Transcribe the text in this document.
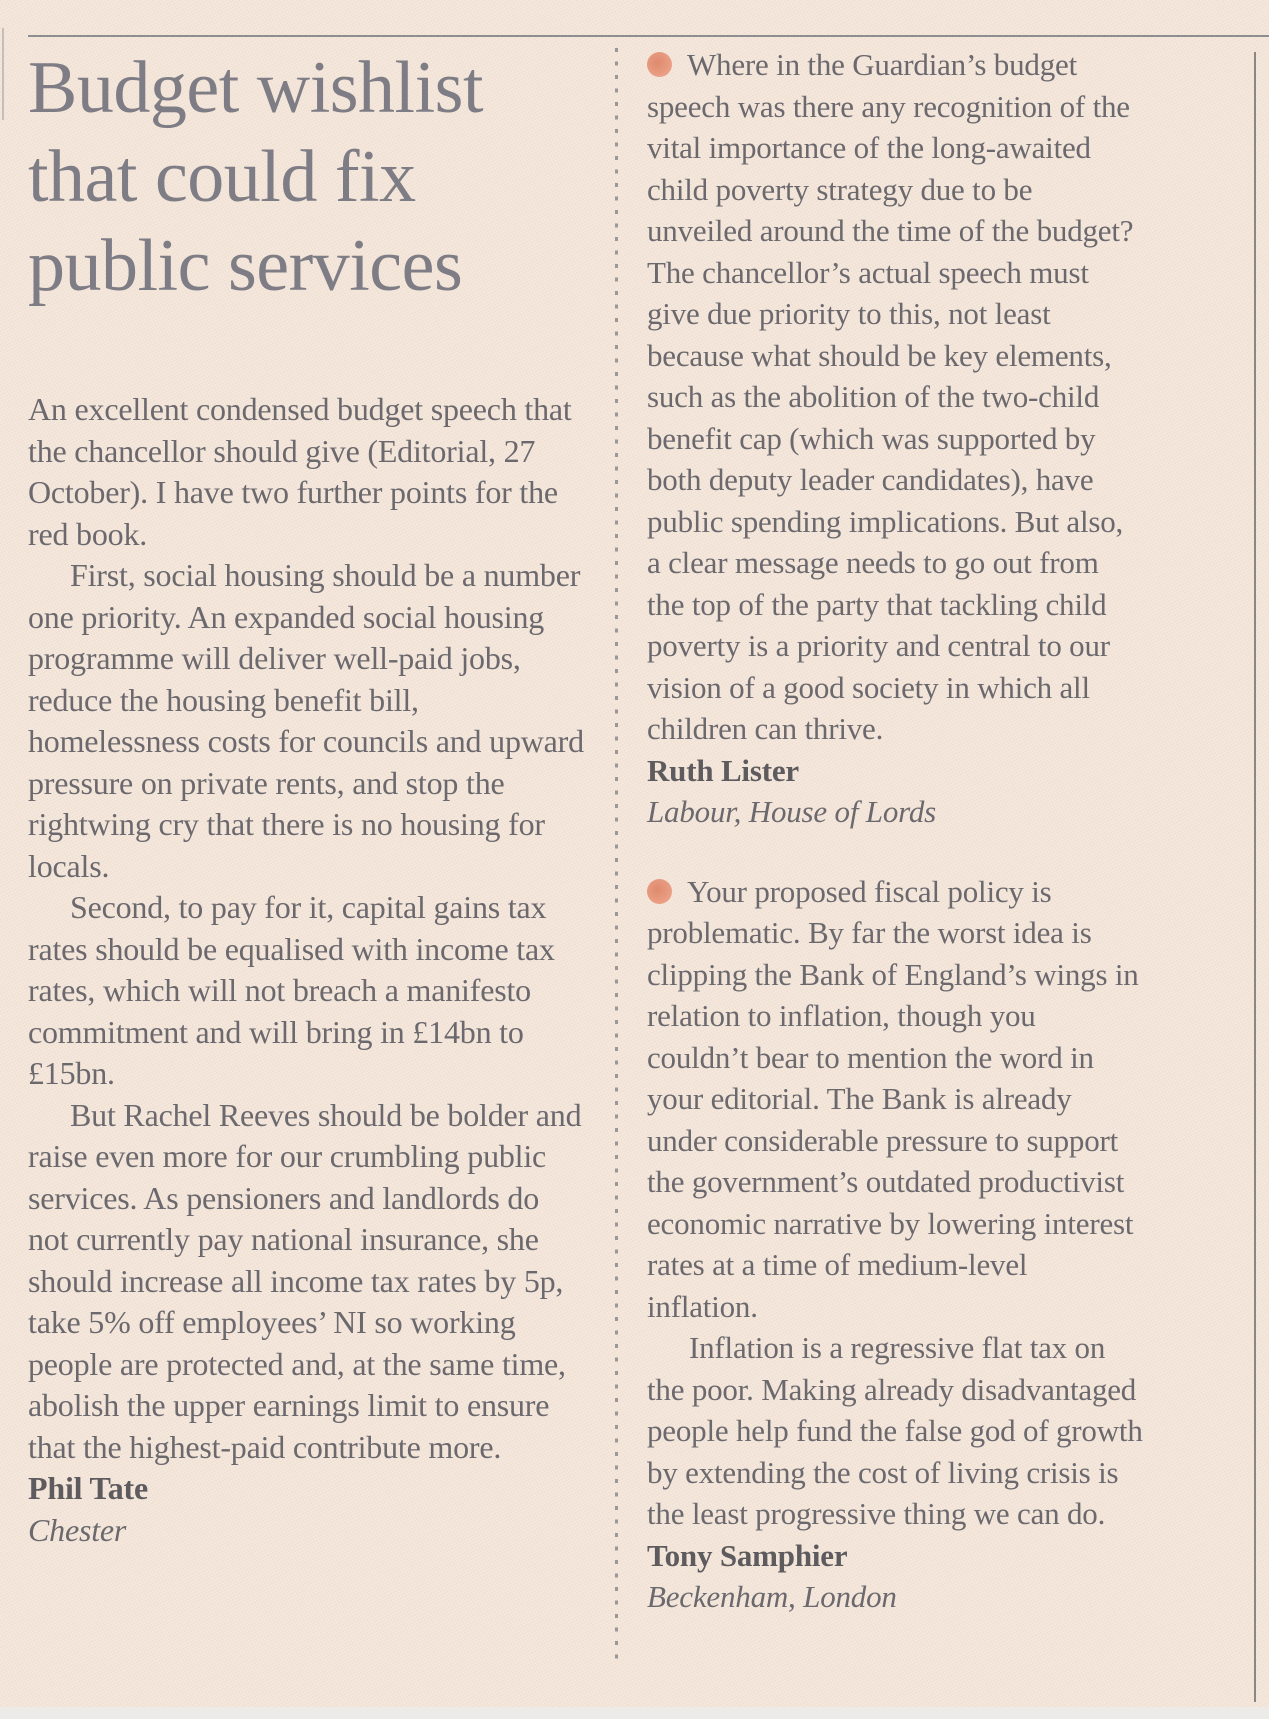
Budget wishlist
that could fix
public services

An excellent condensed budget speech that the chancellor should give (Editorial, 27 October). I have two further points for the red book.

First, social housing should be a number one priority. An expanded social housing programme will deliver well-paid jobs, reduce the housing benefit bill, homelessness costs for councils and upward pressure on private rents, and stop the rightwing cry that there is no housing for locals.

Second, to pay for it, capital gains tax rates should be equalised with income tax rates, which will not breach a manifesto commitment and will bring in £14bn to £15bn.

But Rachel Reeves should be bolder and raise even more for our crumbling public services. As pensioners and landlords do not currently pay national insurance, she should increase all income tax rates by 5p, take 5% off employees’ NI so working people are protected and, at the same time, abolish the upper earnings limit to ensure that the highest-paid contribute more.

Phil Tate

Chester

Where in the Guardian’s budget speech was there any recognition of the vital importance of the long-awaited child poverty strategy due to be unveiled around the time of the budget? The chancellor’s actual speech must give due priority to this, not least because what should be key elements, such as the abolition of the two-child benefit cap (which was supported by both deputy leader candidates), have public spending implications. But also, a clear message needs to go out from the top of the party that tackling child poverty is a priority and central to our vision of a good society in which all children can thrive.

Ruth Lister

Labour, House of Lords

Your proposed fiscal policy is problematic. By far the worst idea is clipping the Bank of England’s wings in relation to inflation, though you couldn’t bear to mention the word in your editorial. The Bank is already under considerable pressure to support the government’s outdated productivist economic narrative by lowering interest rates at a time of medium-level inflation.

Inflation is a regressive flat tax on the poor. Making already disadvantaged people help fund the false god of growth by extending the cost of living crisis is the least progressive thing we can do.

Tony Samphier

Beckenham, London
